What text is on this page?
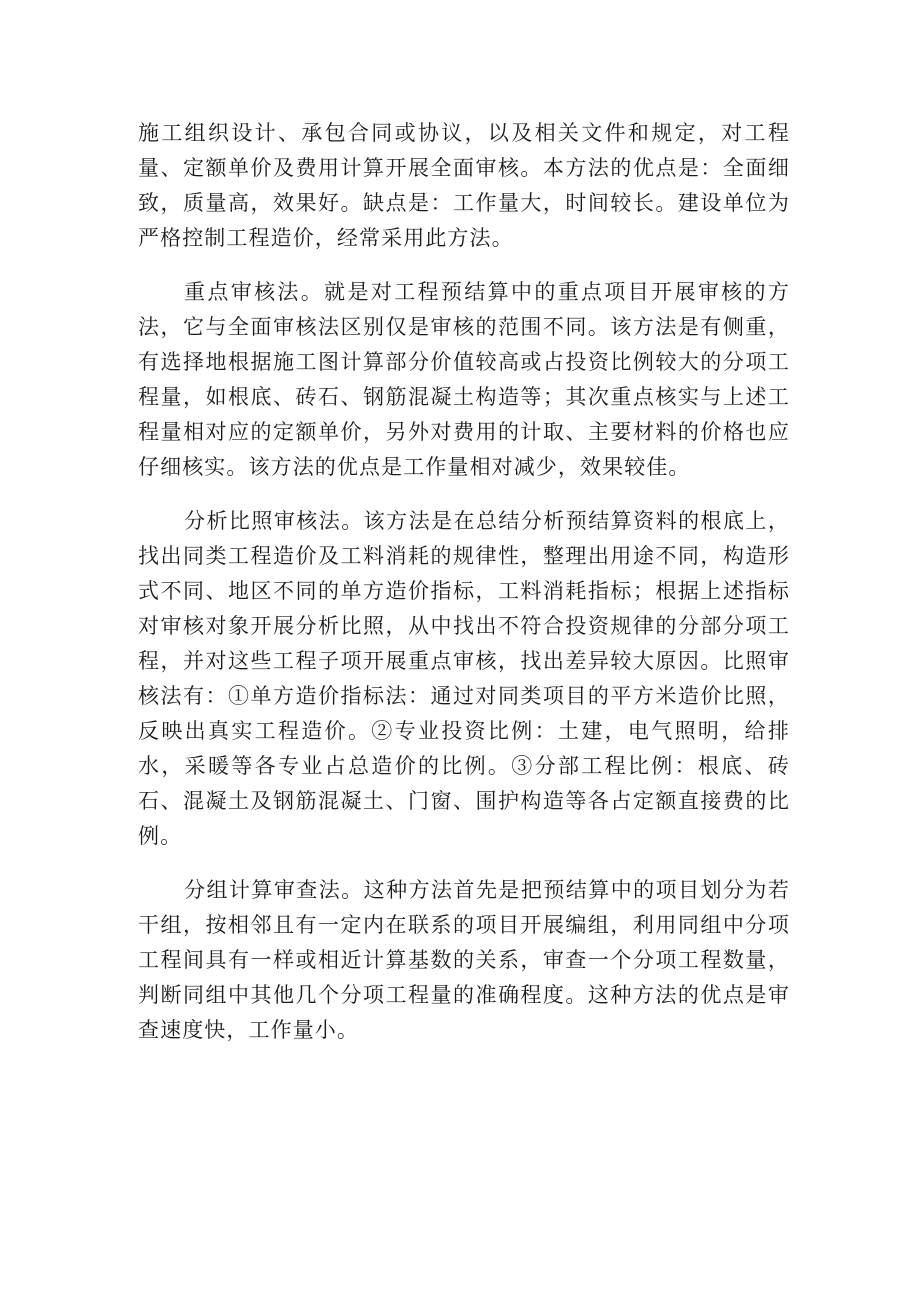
施工组织设计、承包合同或协议，以及相关文件和规定，对工程量、定额单价及费用计算开展全面审核。本方法的优点是：全面细致，质量高，效果好。缺点是：工作量大，时间较长。建设单位为严格控制工程造价，经常采用此方法。

重点审核法。就是对工程预结算中的重点项目开展审核的方法，它与全面审核法区别仅是审核的范围不同。该方法是有侧重，有选择地根据施工图计算部分价值较高或占投资比例较大的分项工程量，如根底、砖石、钢筋混凝土构造等；其次重点核实与上述工程量相对应的定额单价，另外对费用的计取、主要材料的价格也应仔细核实。该方法的优点是工作量相对减少，效果较佳。

分析比照审核法。该方法是在总结分析预结算资料的根底上，找出同类工程造价及工料消耗的规律性，整理出用途不同，构造形式不同、地区不同的单方造价指标，工料消耗指标；根据上述指标对审核对象开展分析比照，从中找出不符合投资规律的分部分项工程，并对这些工程子项开展重点审核，找出差异较大原因。比照审核法有：①单方造价指标法：通过对同类项目的平方米造价比照，反映出真实工程造价。②专业投资比例：土建，电气照明，给排水，采暖等各专业占总造价的比例。③分部工程比例：根底、砖石、混凝土及钢筋混凝土、门窗、围护构造等各占定额直接费的比例。

分组计算审查法。这种方法首先是把预结算中的项目划分为若干组，按相邻且有一定内在联系的项目开展编组，利用同组中分项工程间具有一样或相近计算基数的关系，审查一个分项工程数量，判断同组中其他几个分项工程量的准确程度。这种方法的优点是审查速度快，工作量小。
